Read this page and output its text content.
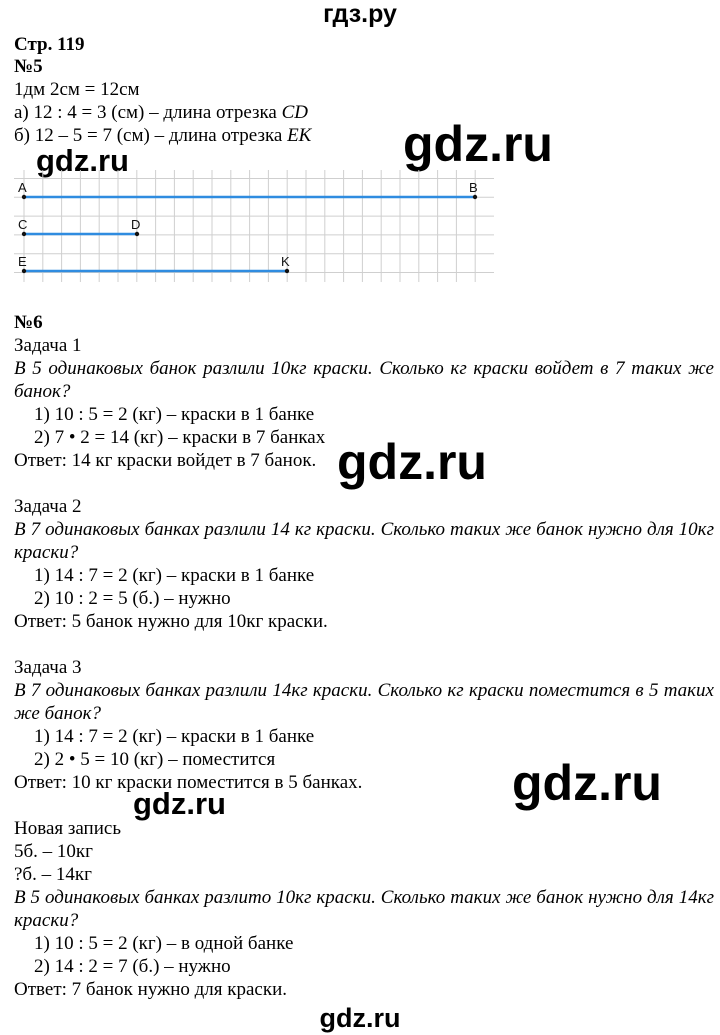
гдз.ру
gdz.ru
gdz.ru
gdz.ru
gdz.ru
gdz.ru
gdz.ru
Стр. 119
№5
1дм 2см = 12см
а) 12 : 4 = 3 (см) – длина отрезка CD
б) 12 – 5 = 7 (см) – длина отрезка EK
A	B
C	D
E	K
№6
Задача 1
В 5 одинаковых банок разлили 10кг краски. Сколько кг краски войдет в 7 таких же банок?
1) 10 : 5 = 2 (кг) – краски в 1 банке
2) 7 • 2 = 14 (кг) – краски в 7 банках
Ответ: 14 кг краски войдет в 7 банок.
Задача 2
В 7 одинаковых банках разлили 14 кг краски. Сколько таких же банок нужно для 10кг краски?
1) 14 : 7 = 2 (кг) – краски в 1 банке
2) 10 : 2 = 5 (б.) – нужно
Ответ: 5 банок нужно для 10кг краски.
Задача 3
В 7 одинаковых банках разлили 14кг краски. Сколько кг краски поместится в 5 таких же банок?
1) 14 : 7 = 2 (кг) – краски в 1 банке
2) 2 • 5 = 10 (кг) – поместится
Ответ: 10 кг краски поместится в 5 банках.
Новая запись
5б. – 10кг
?б. – 14кг
В 5 одинаковых банках разлито 10кг краски. Сколько таких же банок нужно для 14кг краски?
1) 10 : 5 = 2 (кг) – в одной банке
2) 14 : 2 = 7 (б.) – нужно
Ответ: 7 банок нужно для краски.
